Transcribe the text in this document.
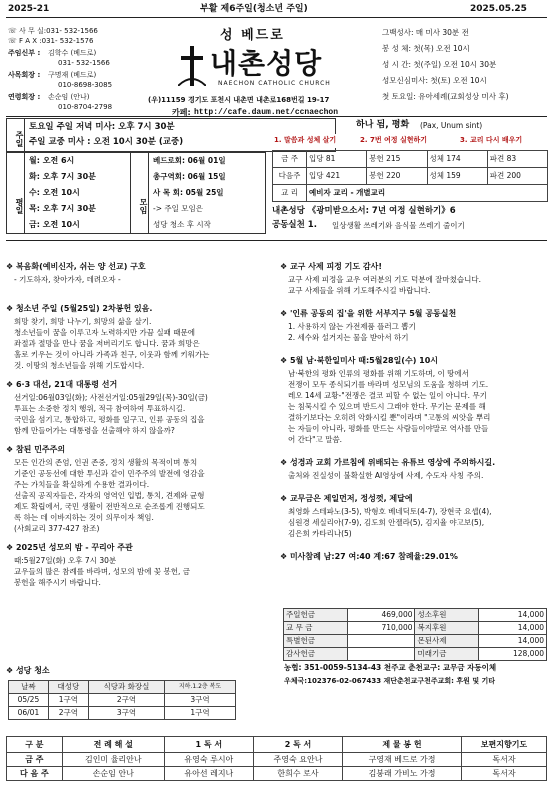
2025-21	부활 제6주일(청소년 주일)	2025.05.25
☏ 사 무 실:031- 532-1566
☏ F A X :031- 532-1576
주임신부 : 김학수 (베드로)
031- 532-1566
사목회장 : 구명재 (베드로)
010-8698-3085
연령회장 : 손순임 (안나)
010-8704-2798
성 베드로
내촌성당
NAECHON CATHOLIC CHURCH
(우)11159 경기도 포천시 내촌면 내촌로168번길 19-17
카페: http://cafe.daum.net/ccnaechon
그백성사: 매 미사 30분 전
봉 성 체: 첫(목) 오전 10시
성 시 간: 첫(주일) 오전 10시 30분
성모신심미사: 첫(토) 오전 10시
첫 토요일: 유아세례(교회성상 미사 후)
주일
토요일 주일 저녁 미사: 오후 7시 30분
주일 교중 미사 : 오전 10시 30분 (교중)
하나 됨, 평화 (Pax, Unum sint)
1. 말씀과 성체 살기	2. 7번 여정 실현하기	3. 교리 다시 배우기
평일
월: 오전 6시
화: 오후 7시 30분
수: 오전 10시
목: 오후 7시 30분
금: 오전 10시
모임
베드로회: 06월 01일
총구역회: 06월 15일
사 목 회: 05월 25일
-> 주일 모임은
성당 청소 후 시작
금 주	입당 81	봉헌 215	성체 174	파견 83
다음주	입당 421	봉헌 220	성체 159	파견 200
교 리	예비자 교리 - 개별교리			
내촌성당 《광미받으소서: 7년 여정 실현하기》6
공동실천 1. 일상생활 쓰레기와 음식물 쓰레기 줄이기
❖ 복음화(예비신자, 쉬는 양 선교) 구호
- 기도하자, 찾아가자, 데려오자 -
❖ 청소년 주일 (5월25일) 2차봉헌 있음.
희망 찾기, 희망 나누기, 희망의 삶을 살기.
청소년들이 꿈을 이루고자 노력하지만 가끔 실패 때문에
좌절과 절망을 만나 꿈을 저버리기도 합니다. 꿈과 희망은
홀로 키우는 것이 아니라 가족과 친구, 이웃과 함께 키워가는
것. 이땅의 청소년들을 위해 기도합시다.
❖ 6·3 대선, 21대 대통령 선거
선거일:06월03일(화); 사전선거일:05월29일(목)-30일(금)
투표는 소중한 정치 행위, 적극 참여하여 투표하시길.
국민을 섬기고, 통합하고, 평화를 일구고, 인류 공동의 집을
함께 만들어가는 대통령을 선출해야 하지 않을까?
❖ 참된 민주주의
모든 인간의 존엄, 인권 존중, 정치 생활의 목적이며 통치
기준인 공동선에 대한 투신과 같이 민주주의 발전에 영감을
주는 가치들을 확실하게 수용한 결과이다.
선출직 공직자들은, 각자의 영역인 입법, 통치, 견제와 균형
제도 확립에서, 국민 생활이 전반적으로 순조롭게 진행되도
록 하는 데 이바지하는 것이 의무이자 책임.
(사회교리 377-427 참조)
❖ 2025년 성모의 밤 - 꾸리아 주관
때:5월27일(화) 오후 7시 30분
교우들의 많은 참례를 바라며, 성모의 밤에 꽃 봉헌, 금
봉헌을 해주시기 바랍니다.
❖ 교구 사제 피정 기도 감사!
교구 사제 피정을 교우 여러분의 기도 덕분에 잘마쳤습니다.
교구 사제들을 위해 기도해주시길 바랍니다.
❖ '인류 공동의 집'을 위한 서부지구 5월 공동실천
1. 사용하지 않는 가전제품 플러그 뽑기
2. 세수와 설거지는 물을 받아서 하기
❖ 5월 남·북한일미사 때:5월28일(수) 10시
남·북한의 평화 인류의 평화를 위해 기도하며, 이 땅에서
전쟁이 모두 종식되기를 바라며 성모님의 도움을 청하며 기도.
레오 14세 교황-"전쟁은 결코 피할 수 없는 일이 아니다. 무기
는 침묵시킬 수 있으며 반드시 그래야 한다. 무기는 문제를 해
결하기보다는 오히려 악화시킬 뿐"이라며 "고통의 씨앗을 뿌리
는 자들이 아니라, 평화를 만드는 사람들이야말로 역사를 만들
어 간다"고 말씀.
❖ 성경과 교회 가르침에 위배되는 유튜브 영상에 주의하시길.
출처와 진실성이 불확실한 AI영상에 사제, 수도자 사칭 주의.
❖ 교무금은 제일먼저, 정성껏, 제달에
최영화 스테파노(3-5), 박형호 베네딕토(4-7), 장현국 요셉(4),
심원경 세실리아(7-9), 김도희 안젤라(5), 김지율 야고보(5),
김은희 카타리나(5)
❖ 미사참례 남:27 여:40 계:67 참례율:29.01%
❖ 성당 청소
날짜	대성당	식당과 화장실	지하.1.2층 복도
05/25	1구역	2구역	3구역
06/01	2구역	3구역	1구역
주일헌금	469,000	성소후원	14,000
교 무 금	710,000	복지후원	14,000
특별헌금		몬된사제	14,000
감사헌금		미래기금	128,000
농협: 351-0059-5134-43 천주교 춘천교구: 교무금 자동이체
우체국:102376-02-067433 재단춘천교구천주교회: 후원 및 기타
구 분	전 례 해 설	1 독 서	2 독 서	제 물 봉 헌	보편지향기도
금 주	김인미 율리안나	유영숙 루시아	주영숙 요안나	구영재 베드로 가정	독서자
다 음 주	손순임 안나	유아선 레지나	한희수 로사	김붕래 가비노 가정	독서자
